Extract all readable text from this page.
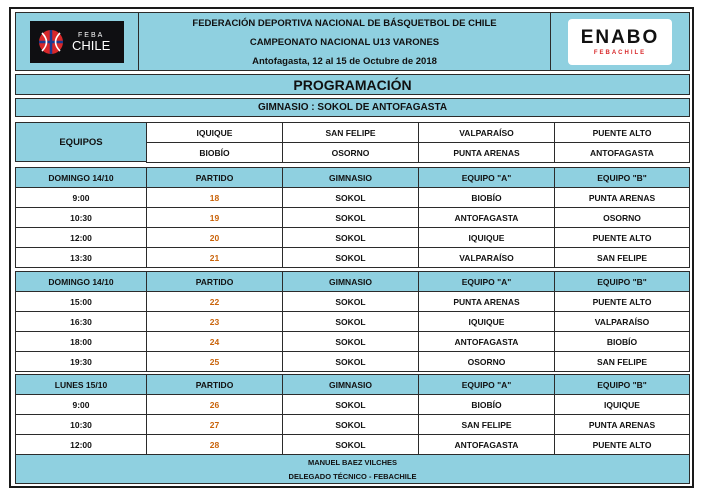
FEBA
CHILE
FEDERACIÓN DEPORTIVA NACIONAL DE BÁSQUETBOL DE CHILE
CAMPEONATO NACIONAL U13 VARONES
Antofagasta, 12 al 15 de Octubre de 2018
ENABO
FEBACHILE
PROGRAMACIÓN
GIMNASIO : SOKOL DE ANTOFAGASTA
EQUIPOS
IQUIQUE	SAN FELIPE	VALPARAÍSO	PUENTE ALTO
BIOBÍO	OSORNO	PUNTA ARENAS	ANTOFAGASTA
DOMINGO 14/10	PARTIDO	GIMNASIO	EQUIPO "A"	EQUIPO "B"
9:00	18	SOKOL	BIOBÍO	PUNTA ARENAS
10:30	19	SOKOL	ANTOFAGASTA	OSORNO
12:00	20	SOKOL	IQUIQUE	PUENTE ALTO
13:30	21	SOKOL	VALPARAÍSO	SAN FELIPE
DOMINGO 14/10	PARTIDO	GIMNASIO	EQUIPO "A"	EQUIPO "B"
15:00	22	SOKOL	PUNTA ARENAS	PUENTE ALTO
16:30	23	SOKOL	IQUIQUE	VALPARAÍSO
18:00	24	SOKOL	ANTOFAGASTA	BIOBÍO
19:30	25	SOKOL	OSORNO	SAN FELIPE
LUNES 15/10	PARTIDO	GIMNASIO	EQUIPO "A"	EQUIPO "B"
9:00	26	SOKOL	BIOBÍO	IQUIQUE
10:30	27	SOKOL	SAN FELIPE	PUNTA ARENAS
12:00	28	SOKOL	ANTOFAGASTA	PUENTE ALTO
MANUEL BAEZ VILCHES
DELEGADO TÉCNICO - FEBACHILE
